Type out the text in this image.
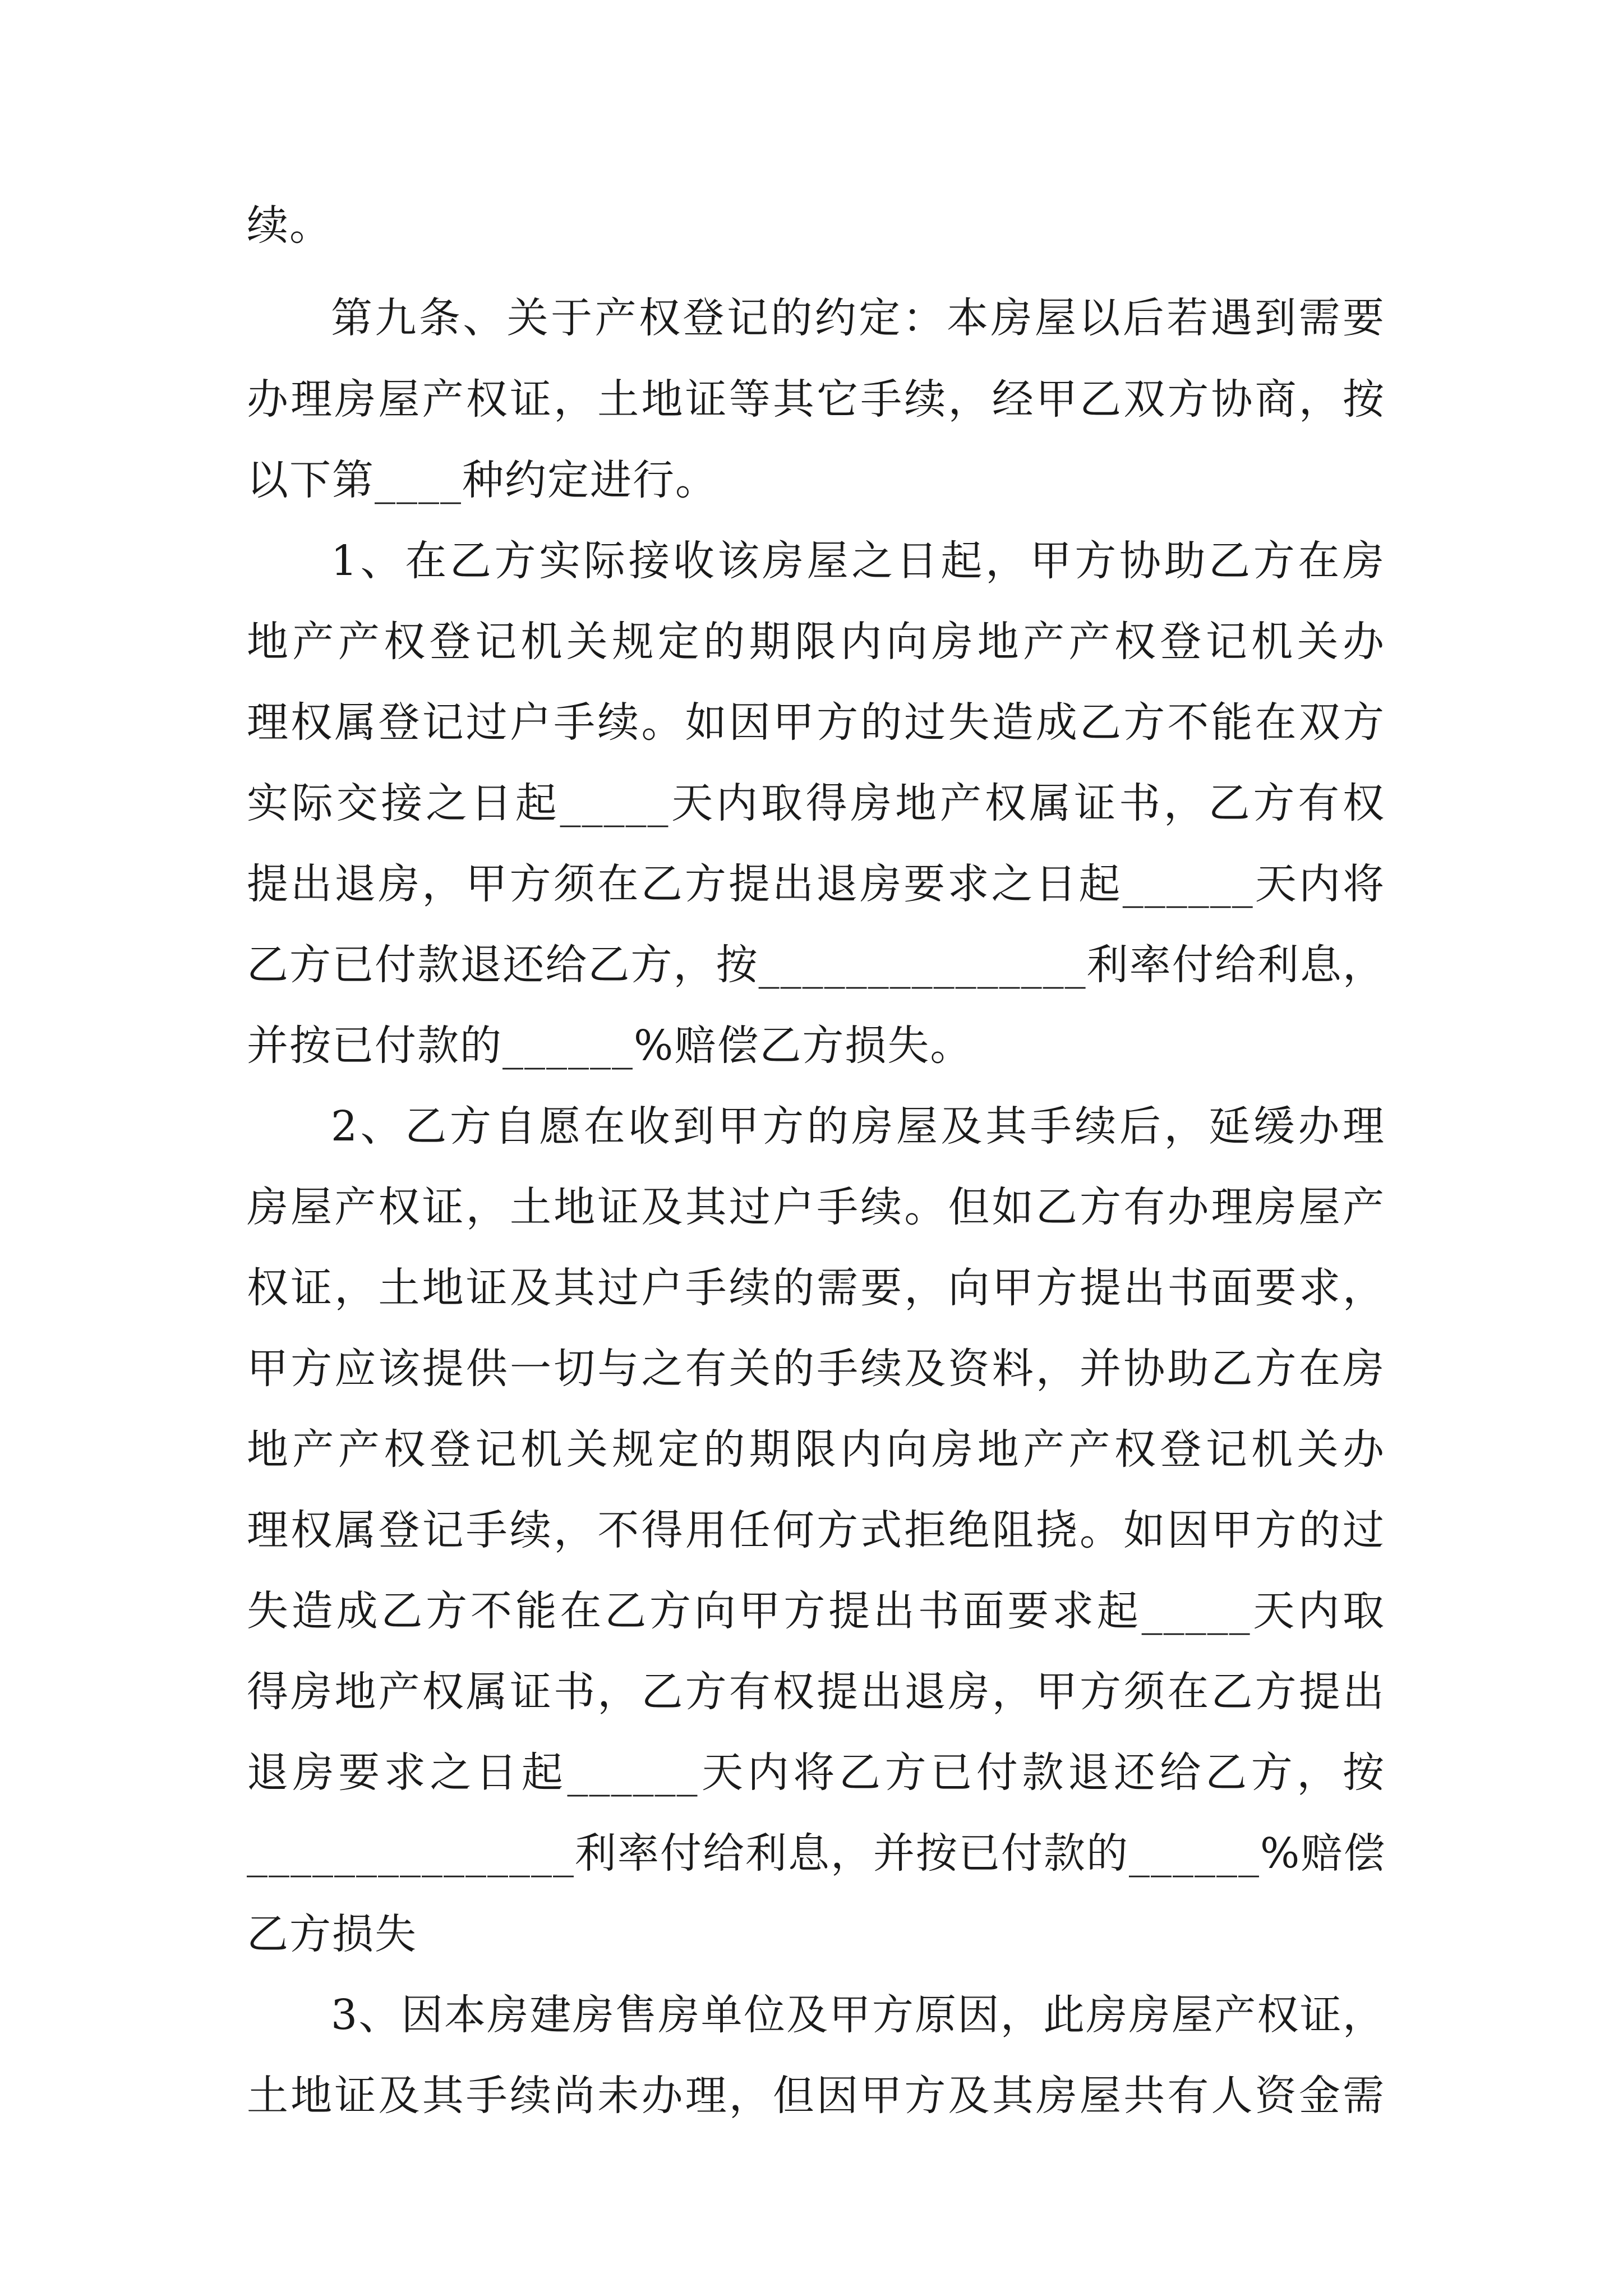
续。
第九条、关于产权登记的约定：本房屋以后若遇到需要
办理房屋产权证，土地证等其它手续，经甲乙双方协商，按
以下第____种约定进行。
1、在乙方实际接收该房屋之日起，甲方协助乙方在房
地产产权登记机关规定的期限内向房地产产权登记机关办
理权属登记过户手续。如因甲方的过失造成乙方不能在双方
实际交接之日起_____天内取得房地产权属证书，乙方有权
提出退房，甲方须在乙方提出退房要求之日起______天内将
乙方已付款退还给乙方，按_______________利率付给利息，
并按已付款的______%赔偿乙方损失。
2、乙方自愿在收到甲方的房屋及其手续后，延缓办理
房屋产权证，土地证及其过户手续。但如乙方有办理房屋产
权证，土地证及其过户手续的需要，向甲方提出书面要求，
甲方应该提供一切与之有关的手续及资料，并协助乙方在房
地产产权登记机关规定的期限内向房地产产权登记机关办
理权属登记手续，不得用任何方式拒绝阻挠。如因甲方的过
失造成乙方不能在乙方向甲方提出书面要求起_____天内取
得房地产权属证书，乙方有权提出退房，甲方须在乙方提出
退房要求之日起______天内将乙方已付款退还给乙方，按
_______________利率付给利息，并按已付款的______%赔偿
乙方损失
3、因本房建房售房单位及甲方原因，此房房屋产权证，
土地证及其手续尚未办理，但因甲方及其房屋共有人资金需
